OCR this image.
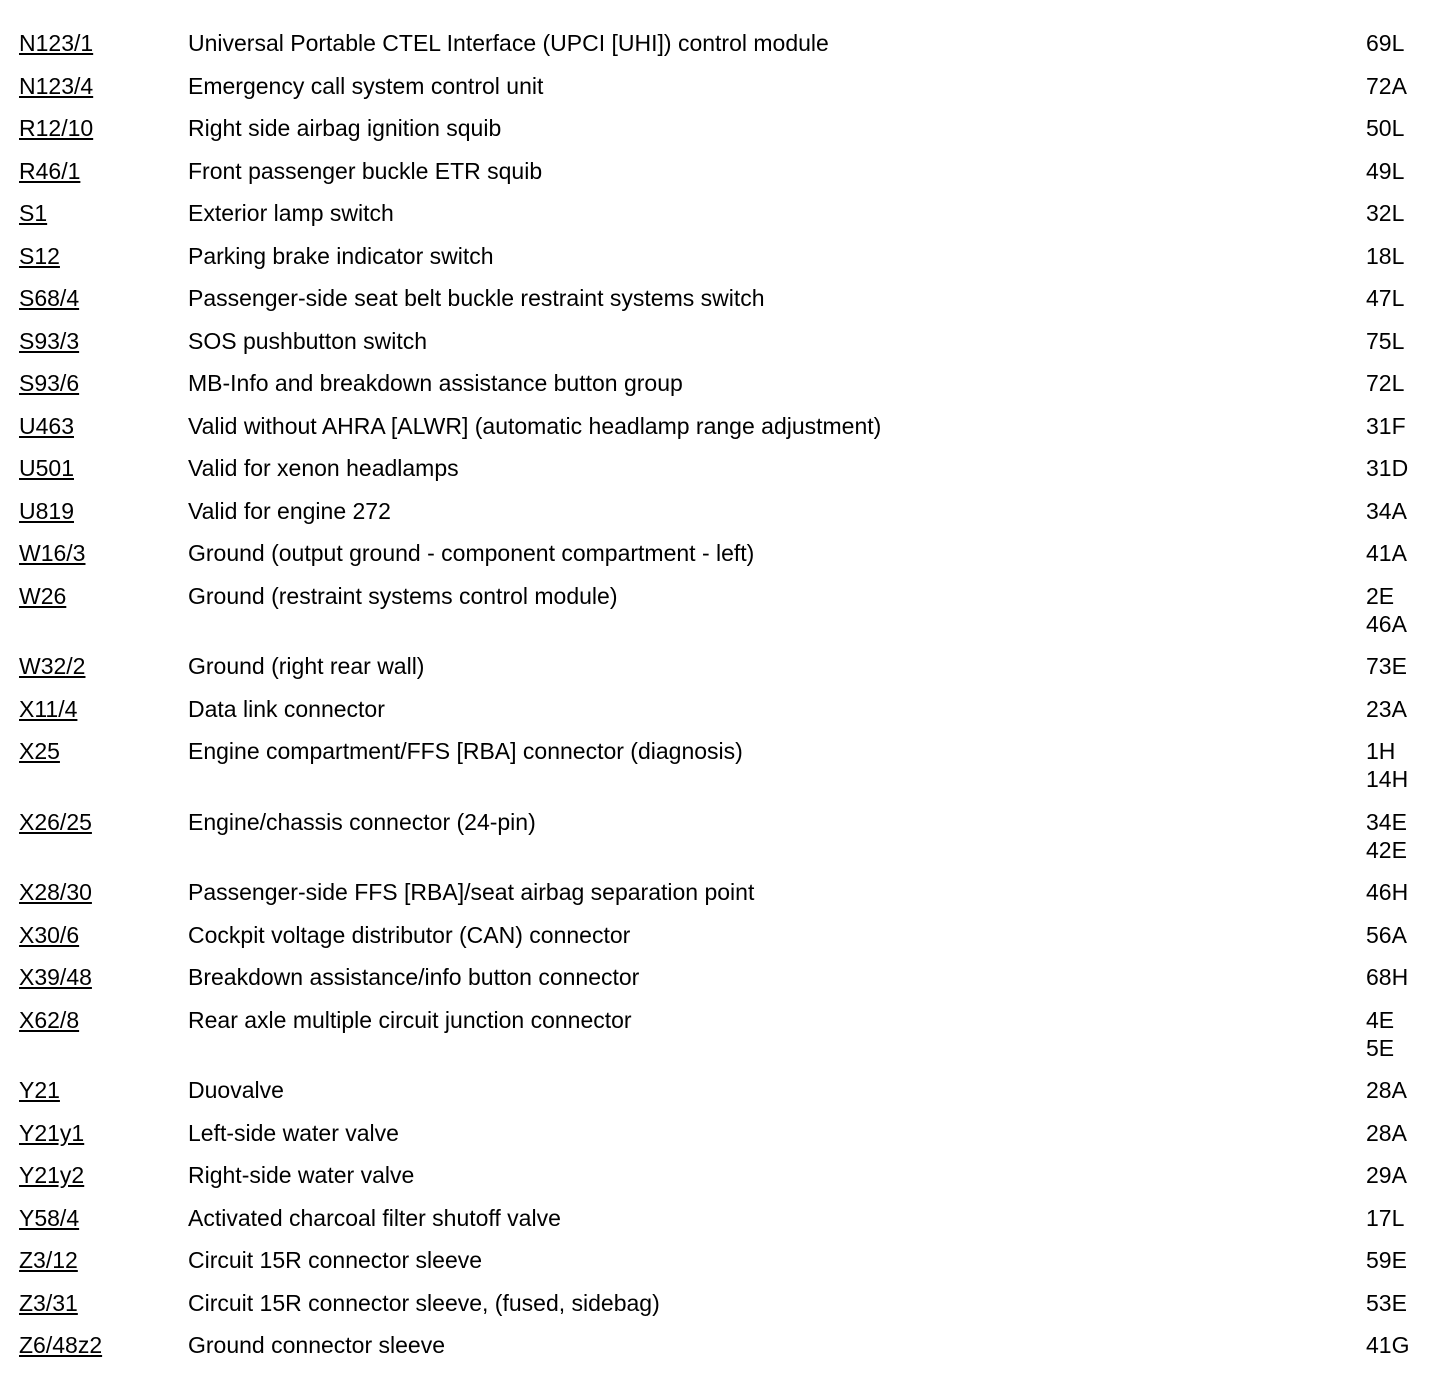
N123/1	Universal Portable CTEL Interface (UPCI [UHI]) control module	69L
N123/4	Emergency call system control unit	72A
R12/10	Right side airbag ignition squib	50L
R46/1	Front passenger buckle ETR squib	49L
S1	Exterior lamp switch	32L
S12	Parking brake indicator switch	18L
S68/4	Passenger-side seat belt buckle restraint systems switch	47L
S93/3	SOS pushbutton switch	75L
S93/6	MB-Info and breakdown assistance button group	72L
U463	Valid without AHRA [ALWR] (automatic headlamp range adjustment)	31F
U501	Valid for xenon headlamps	31D
U819	Valid for engine 272	34A
W16/3	Ground (output ground - component compartment - left)	41A
W26	Ground (restraint systems control module)	2E
46A
W32/2	Ground (right rear wall)	73E
X11/4	Data link connector	23A
X25	Engine compartment/FFS [RBA] connector (diagnosis)	1H
14H
X26/25	Engine/chassis connector (24-pin)	34E
42E
X28/30	Passenger-side FFS [RBA]/seat airbag separation point	46H
X30/6	Cockpit voltage distributor (CAN) connector	56A
X39/48	Breakdown assistance/info button connector	68H
X62/8	Rear axle multiple circuit junction connector	4E
5E
Y21	Duovalve	28A
Y21y1	Left-side water valve	28A
Y21y2	Right-side water valve	29A
Y58/4	Activated charcoal filter shutoff valve	17L
Z3/12	Circuit 15R connector sleeve	59E
Z3/31	Circuit 15R connector sleeve, (fused, sidebag)	53E
Z6/48z2	Ground connector sleeve	41G
